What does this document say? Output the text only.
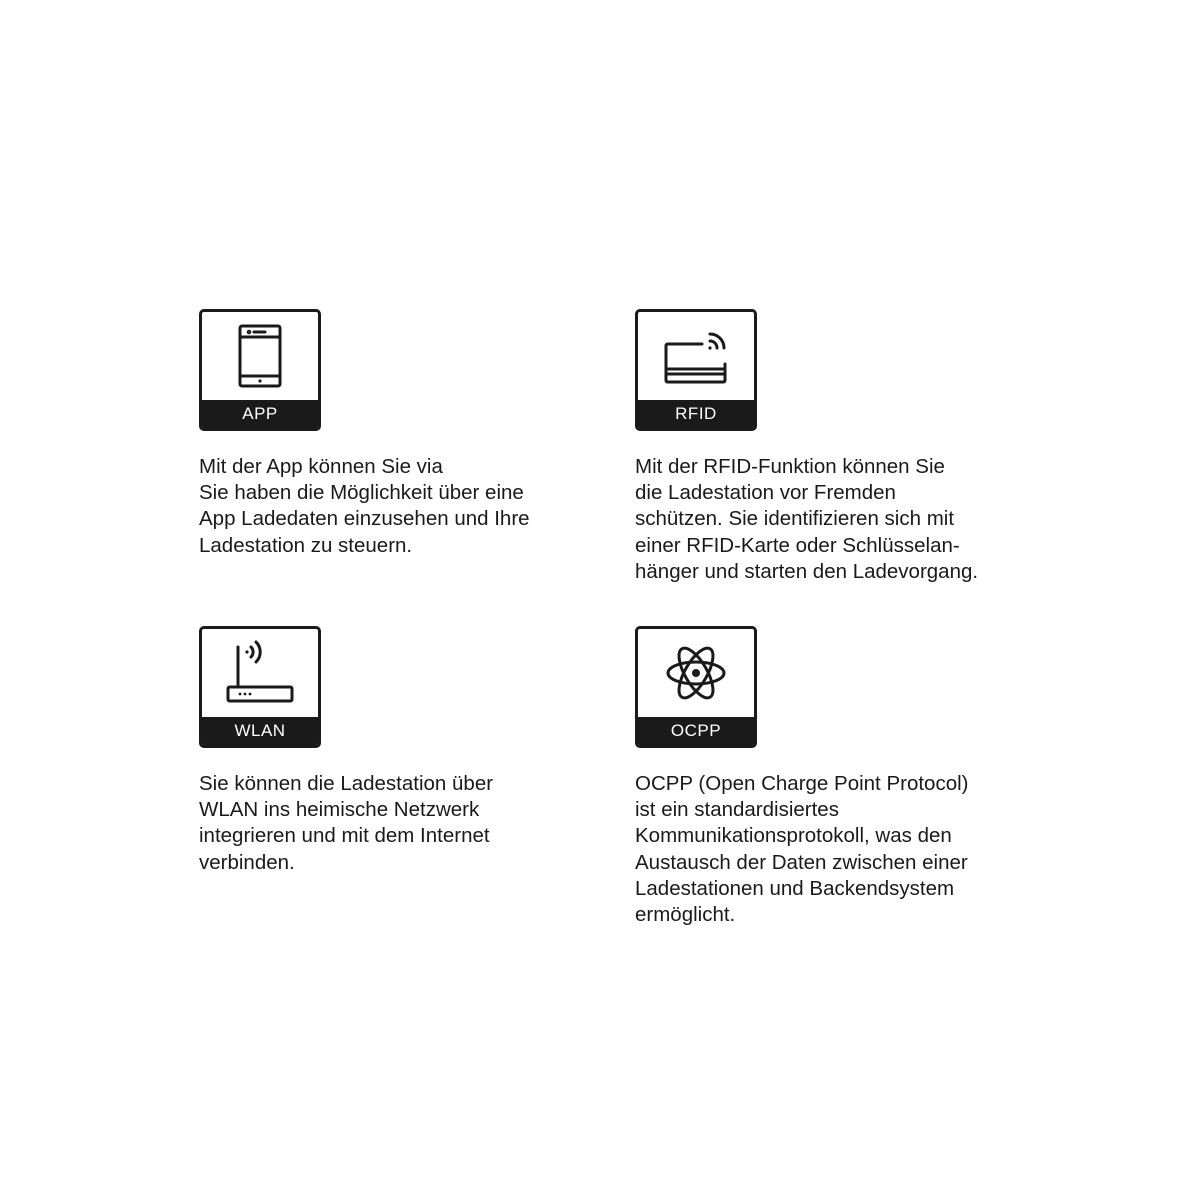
APP

Mit der App können Sie via
Sie haben die Möglichkeit über eine
App Ladedaten einzusehen und Ihre
Ladestation zu steuern.

RFID

Mit der RFID-Funktion können Sie
die Ladestation vor Fremden
schützen. Sie identifizieren sich mit
einer RFID-Karte oder Schlüsselan-
hänger und starten den Ladevorgang.

WLAN

Sie können die Ladestation über
WLAN ins heimische Netzwerk
integrieren und mit dem Internet
verbinden.

OCPP

OCPP (Open Charge Point Protocol)
ist ein standardisiertes
Kommunikationsprotokoll, was den
Austausch der Daten zwischen einer
Ladestationen und Backendsystem
ermöglicht.
